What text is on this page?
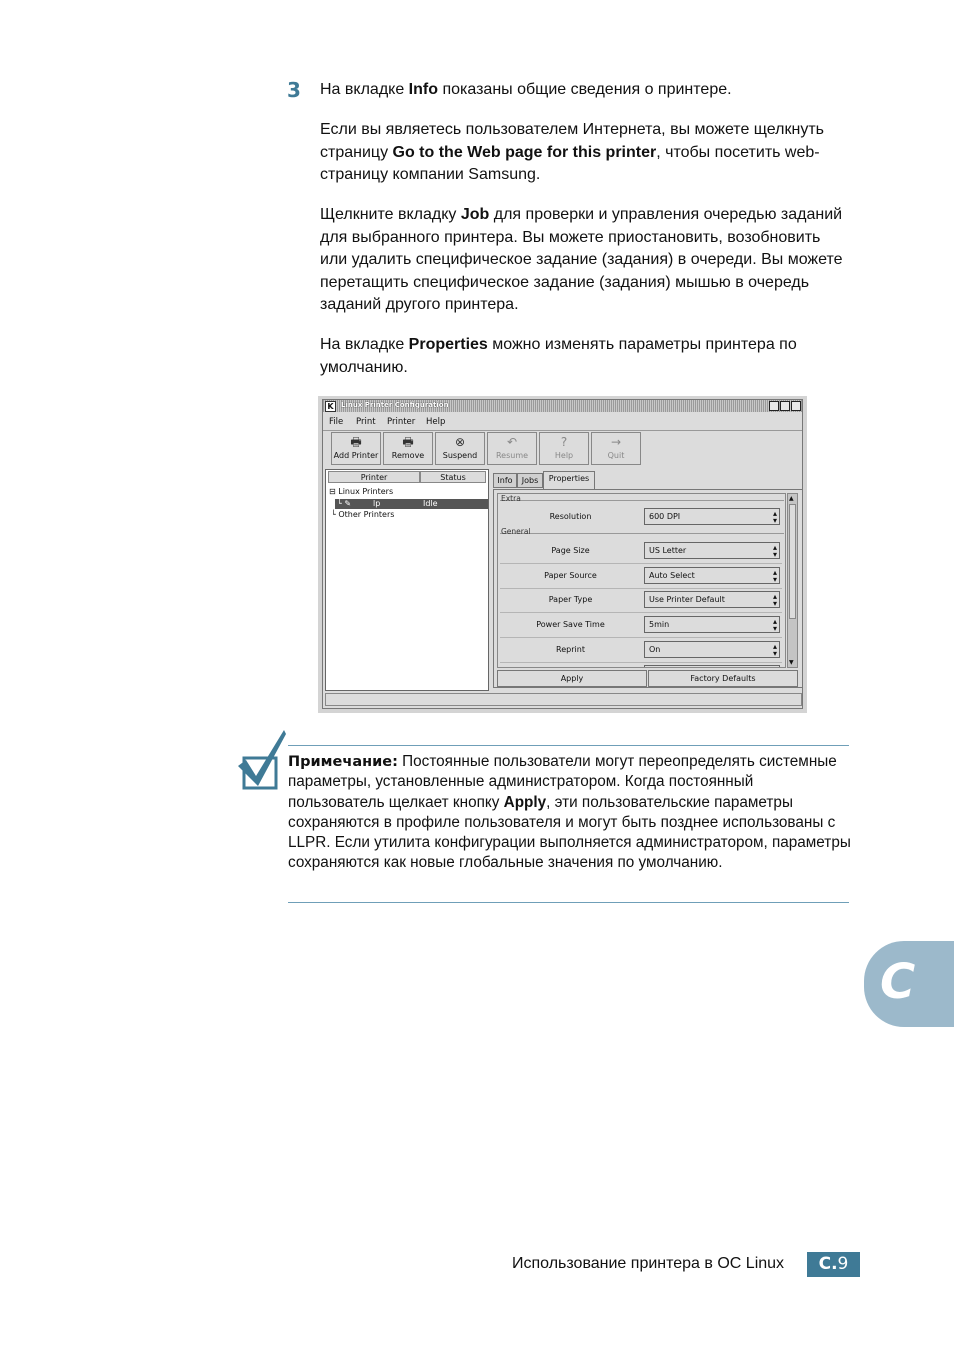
3 На вкладке Info показаны общие сведения о принтере.

Если вы являетесь пользователем Интернета, вы можете щелкнуть страницу Go to the Web page for this printer, чтобы посетить web-страницу компании Samsung.

Щелкните вкладку Job для проверки и управления очередью заданий для выбранного принтера. Вы можете приостановить, возобновить или удалить специфическое задание (задания) в очереди. Вы можете перетащить специфическое задание (задания) мышью в очередь заданий другого принтера.

На вкладке Properties можно изменять параметры принтера по умолчанию.

K	Linux Printer Configuration
File Print Printer Help
🖶
Add Printer
🖶
Remove
⊗
Suspend
↶
Resume
?
Help
→
Quit
Printer	Status
⊟ Linux Printers
└ ✎	lp	Idle
└ Other Printers
Info	Jobs	Properties
Extra
Resolution	600 DPI	▴
▾
General
Page Size	US Letter	▴
▾
Paper Source	Auto Select	▴
▾
Paper Type	Use Printer Default	▴
▾
Power Save Time	5min	▴
▾
Reprint	On	▴
▾
▲
▼
Apply	Factory Defaults

Примечание: Постоянные пользователи могут переопределять системные параметры, установленные администратором. Когда постоянный пользователь щелкает кнопку Apply, эти пользовательские параметры сохраняются в профиле пользователя и могут быть позднее использованы с LLPR. Если утилита конфигурации выполняется администратором, параметры сохраняются как новые глобальные значения по умолчанию.

C
Использование принтера в ОС Linux	C.9
